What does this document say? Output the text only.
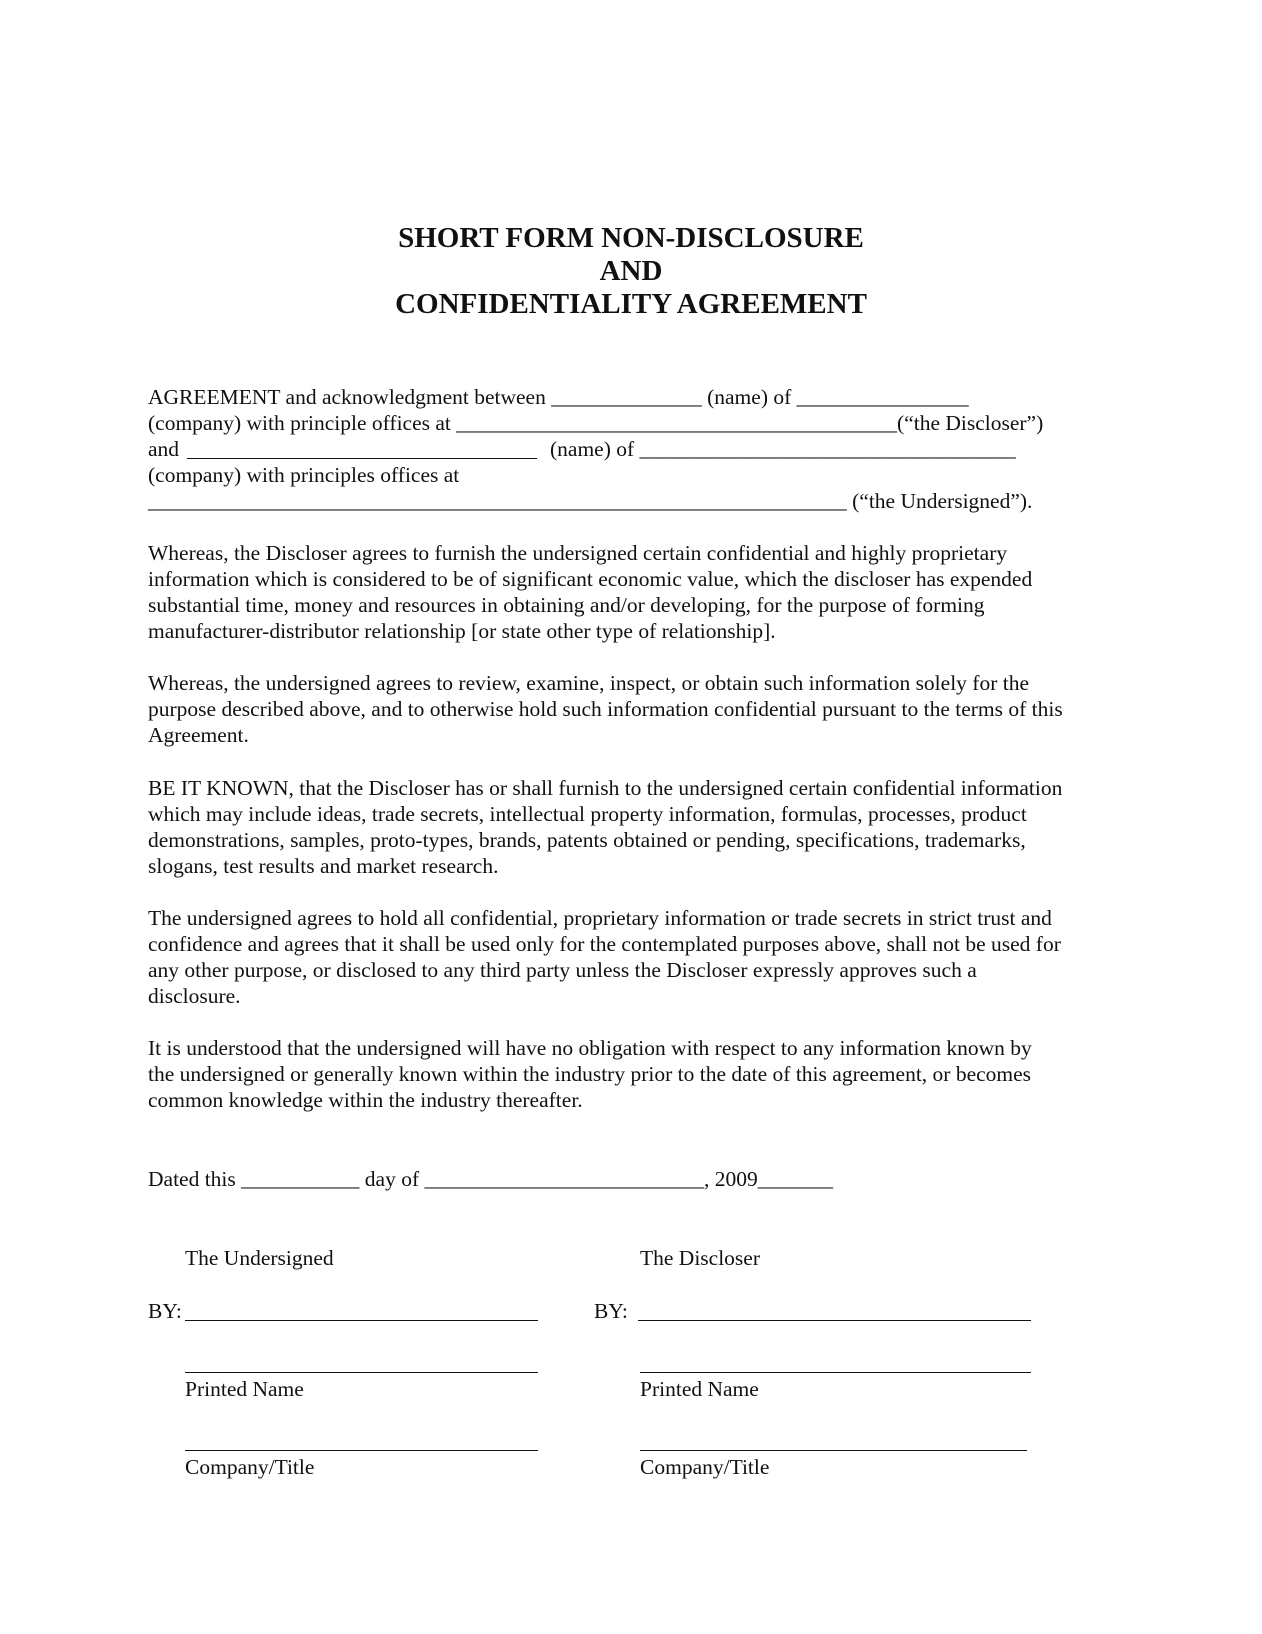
SHORT FORM NON-DISCLOSURE
AND
CONFIDENTIALITY AGREEMENT
AGREEMENT and acknowledgment between ______________ (name) of ________________
(company) with principle offices at _________________________________________(“the Discloser”)
and	(name) of ___________________________________
(company) with principles offices at
_________________________________________________________________ (“the Undersigned”).
Whereas, the Discloser agrees to furnish the undersigned certain confidential and highly proprietary
information which is considered to be of significant economic value, which the discloser has expended
substantial time, money and resources in obtaining and/or developing, for the purpose of forming
manufacturer-distributor relationship [or state other type of relationship].
Whereas, the undersigned agrees to review, examine, inspect, or obtain such information solely for the
purpose described above, and to otherwise hold such information confidential pursuant to the terms of this
Agreement.
BE IT KNOWN, that the Discloser has or shall furnish to the undersigned certain confidential information
which may include ideas, trade secrets, intellectual property information, formulas, processes, product
demonstrations, samples, proto-types, brands, patents obtained or pending, specifications, trademarks,
slogans, test results and market research.
The undersigned agrees to hold all confidential, proprietary information or trade secrets in strict trust and
confidence and agrees that it shall be used only for the contemplated purposes above, shall not be used for
any other purpose, or disclosed to any third party unless the Discloser expressly approves such a
disclosure.
It is understood that the undersigned will have no obligation with respect to any information known by
the undersigned or generally known within the industry prior to the date of this agreement, or becomes
common knowledge within the industry thereafter.
Dated this ___________ day of __________________________, 2009_______
The Undersigned	The Discloser
BY:	BY:
Printed Name	Printed Name
Company/Title	Company/Title
